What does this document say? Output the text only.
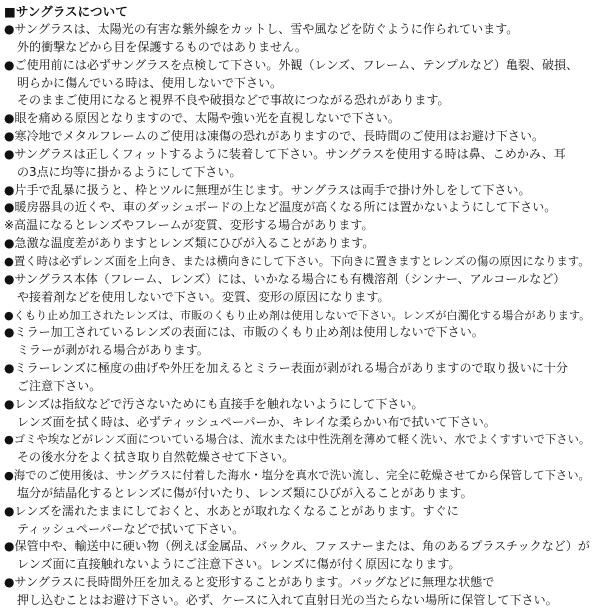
■サングラスについて
●サングラスは、太陽光の有害な紫外線をカットし、雪や風などを防ぐように作られています。
外的衝撃などから目を保護するものではありません。
●ご使用前には必ずサングラスを点検して下さい。外観（レンズ、フレーム、テンプルなど）亀裂、破損、
明らかに傷んでいる時は、使用しないで下さい。
そのままご使用になると視界不良や破損などで事故につながる恐れがあります。
●眼を痛める原因となりますので、太陽や強い光を直視しないで下さい。
●寒冷地でメタルフレームのご使用は凍傷の恐れがありますので、長時間のご使用はお避け下さい。
●サングラスは正しくフィットするように装着して下さい。サングラスを使用する時は鼻、こめかみ、耳
の3点に均等に掛かるようにして下さい。
●片手で乱暴に扱うと、枠とツルに無理が生じます。サングラスは両手で掛け外しをして下さい。
●暖房器具の近くや、車のダッシュボードの上など温度が高くなる所には置かないようにして下さい。
※高温になるとレンズやフレームが変質、変形する場合があります。
●急激な温度差がありますとレンズ類にひびが入ることがあります。
●置く時は必ずレンズ面を上向き、または横向きにして下さい。下向きに置きますとレンズの傷の原因になります。
●サングラス本体（フレーム、レンズ）には、いかなる場合にも有機溶剤（シンナー、アルコールなど）
や接着剤などを使用しないで下さい。変質、変形の原因になります。
●くもり止め加工されたレンズは、市販のくもり止め剤は使用しないで下さい。レンズが白濁化する場合があります。
●ミラー加工されているレンズの表面には、市販のくもり止め剤は使用しないで下さい。
ミラーが剥がれる場合があります。
●ミラーレンズに極度の曲げや外圧を加えるとミラー表面が剥がれる場合がありますので取り扱いに十分
ご注意下さい。
●レンズは指紋などで汚さないためにも直接手を触れないようにして下さい。
レンズ面を拭く時は、必ずティッシュペーパーか、キレイな柔らかい布で拭いて下さい。
●ゴミや埃などがレンズ面についている場合は、流水または中性洗剤を薄めて軽く洗い、水でよくすすいで下さい。
その後水分をよく拭き取り自然乾燥させて下さい。
●海でのご使用後は、サングラスに付着した海水・塩分を真水で洗い流し、完全に乾燥させてから保管して下さい。
塩分が結晶化するとレンズに傷が付いたり、レンズ類にひびが入ることがあります。
●レンズを濡れたままにしておくと、水あとが取れなくなることがあります。すぐに
ティッシュペーパーなどで拭いて下さい。
●保管中や、輸送中に硬い物（例えば金属品、バックル、ファスナーまたは、角のあるプラスチックなど）が
レンズ面に直接触れないようにご注意下さい。レンズに傷が付く原因になります。
●サングラスに長時間外圧を加えると変形することがあります。バッグなどに無理な状態で
押し込むことはお避け下さい。必ず、ケースに入れて直射日光の当たらない場所に保管して下さい。
